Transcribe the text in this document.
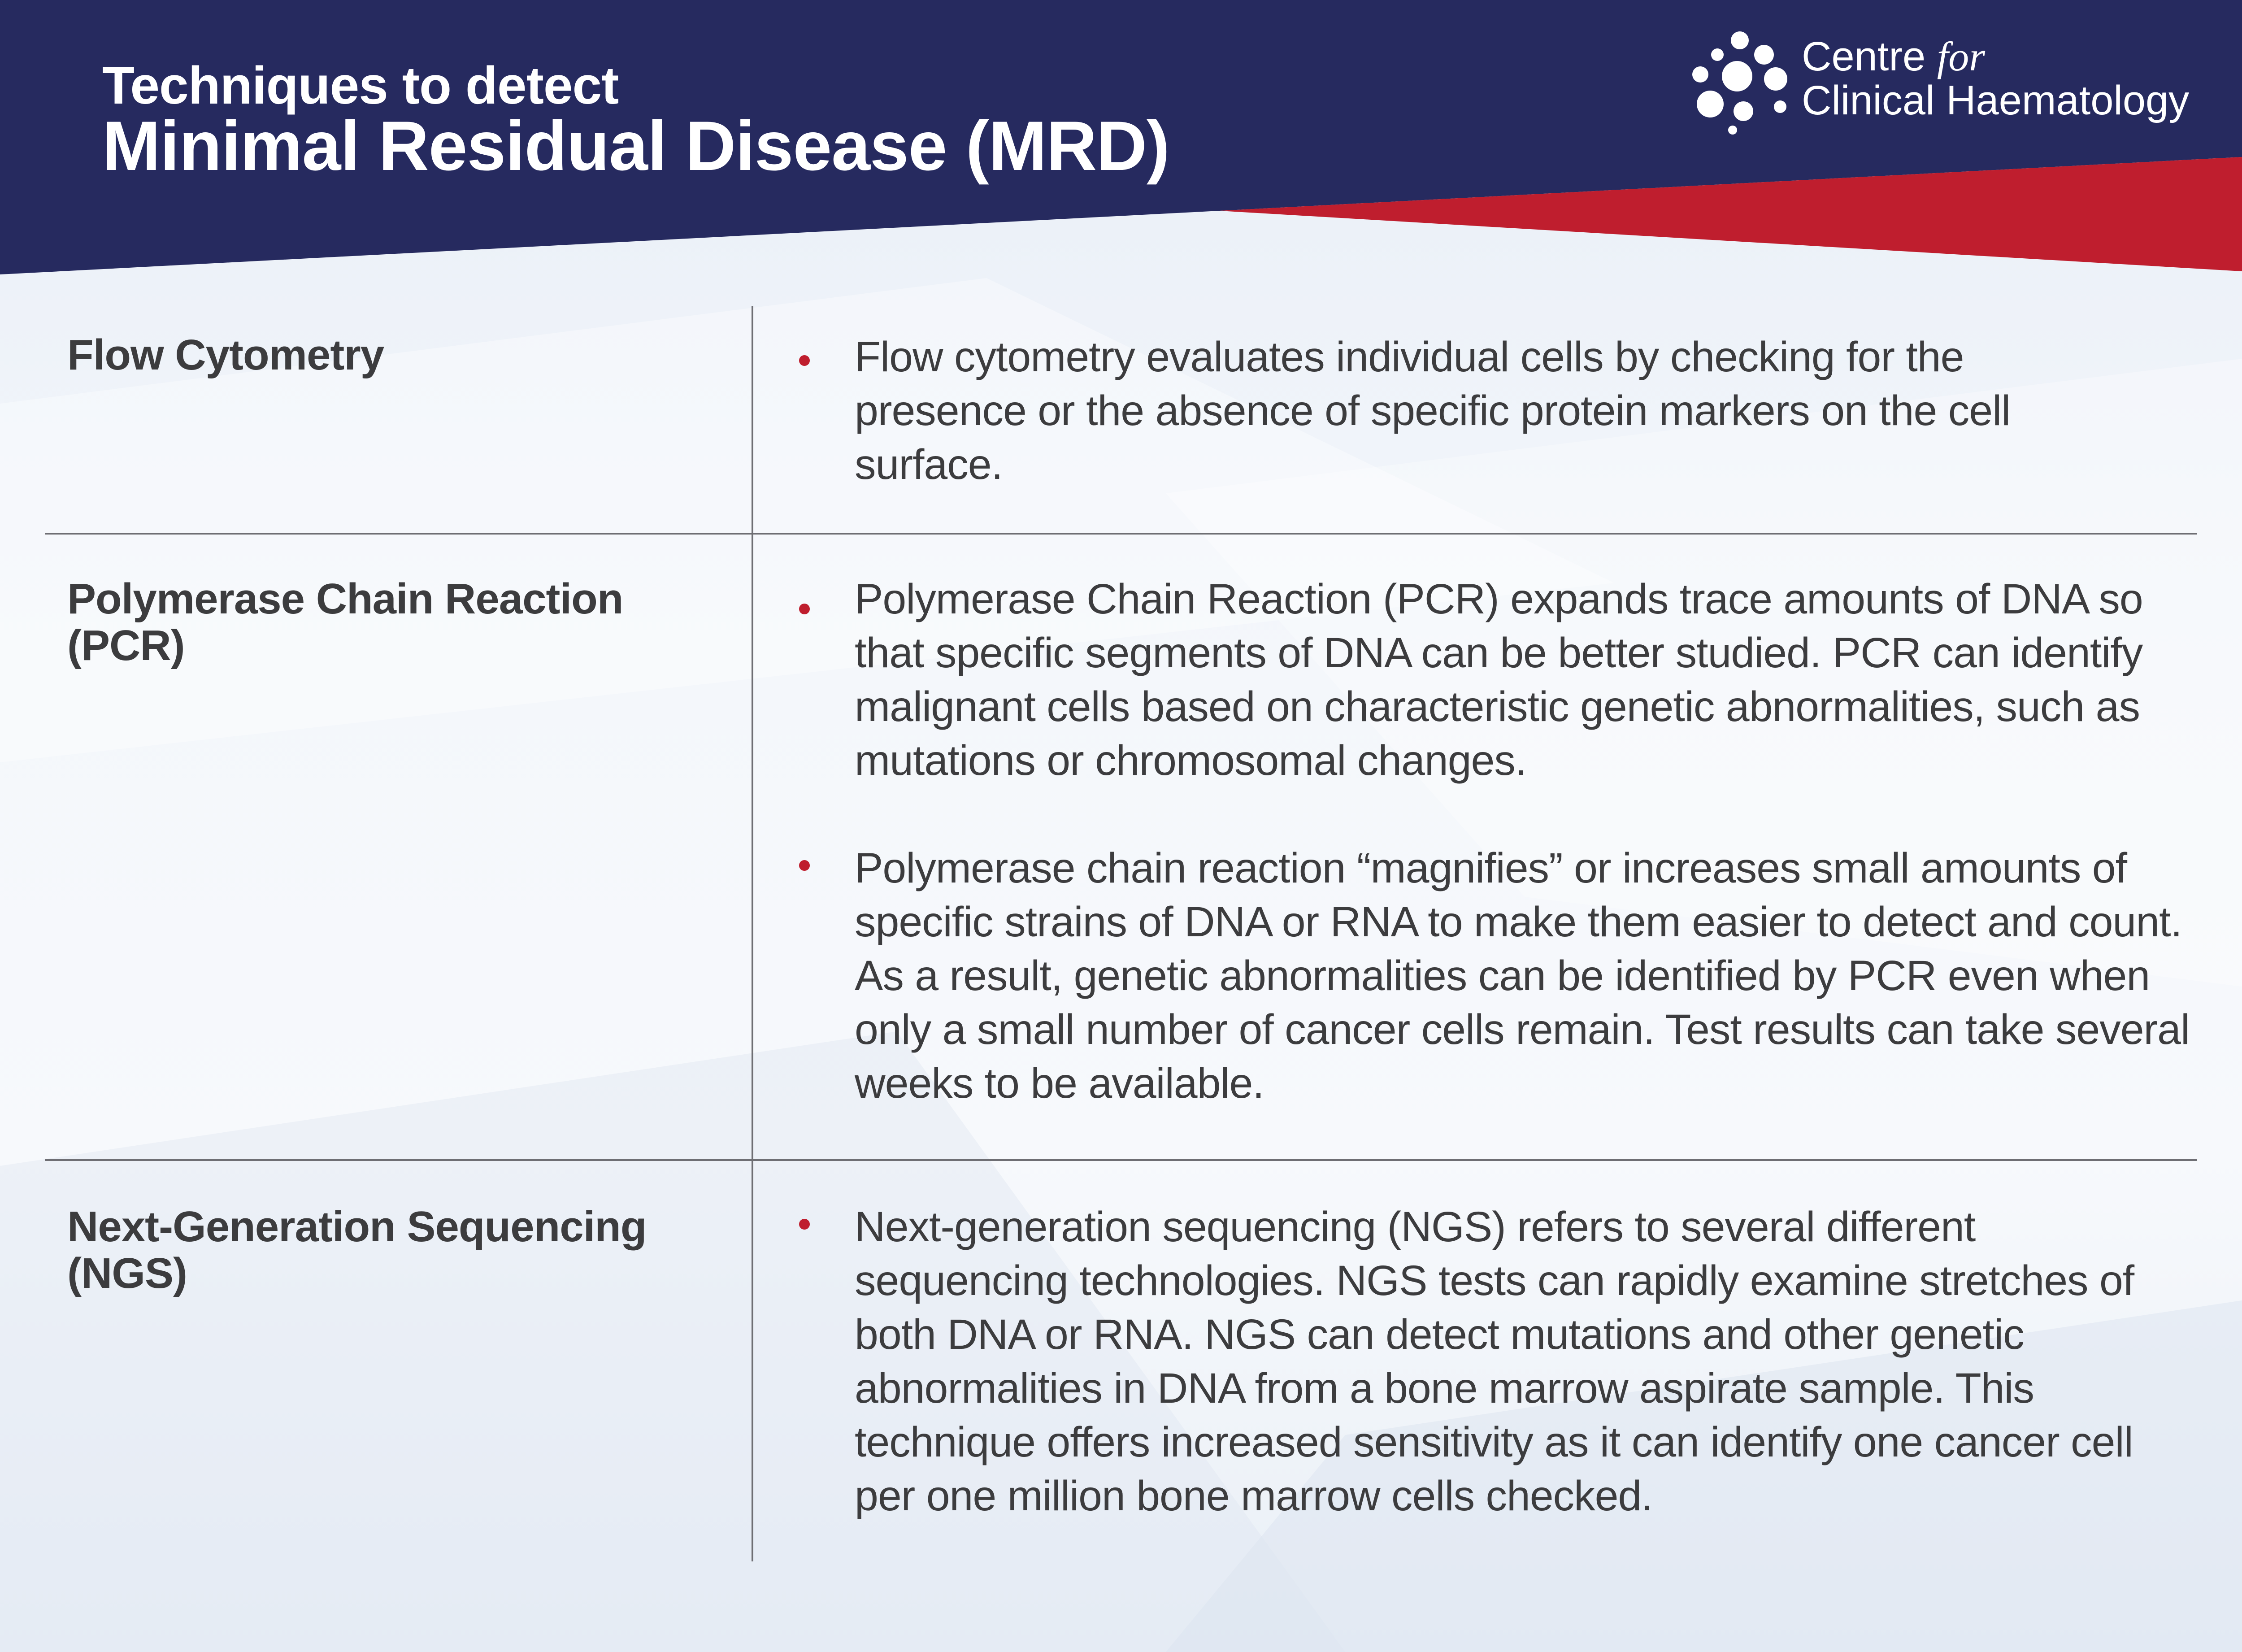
Techniques to detect
Minimal Residual Disease (MRD)
Centre for
Clinical Haematology
Flow Cytometry	Flow cytometry evaluates individual cells by checking for the presence or the absence of specific protein markers on the cell surface.
Polymerase Chain Reaction (PCR)
Polymerase Chain Reaction (PCR) expands trace amounts of DNA so that specific segments of DNA can be better studied. PCR can identify malignant cells based on characteristic genetic abnormalities, such as mutations or chromosomal changes.
Polymerase chain reaction “magnifies” or increases small amounts of specific strains of DNA or RNA to make them easier to detect and count. As a result, genetic abnormalities can be identified by PCR even when only a small number of cancer cells remain. Test results can take several weeks to be available.
Next-Generation Sequencing (NGS)
Next-generation sequencing (NGS) refers to several different sequencing technologies. NGS tests can rapidly examine stretches of both DNA or RNA. NGS can detect mutations and other genetic abnormalities in DNA from a bone marrow aspirate sample. This technique offers increased sensitivity as it can identify one cancer cell per one million bone marrow cells checked.
